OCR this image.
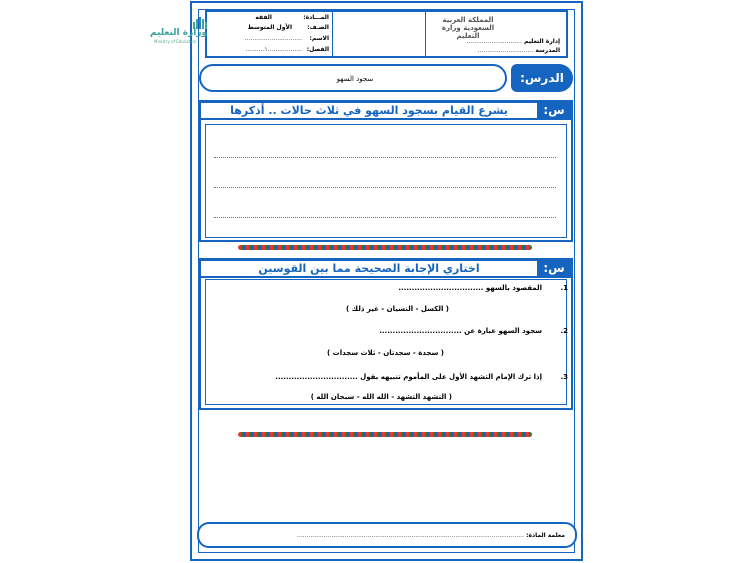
المملكة العربية السعودية وزارة التعليم
إدارة التعليم .............................
المدرسة .............................
المـــادة:
الفقه
الصـف:
الأول المتوسط
الاسم:
..............................
الفصل:
..................١..........
وزارة التعليم
Ministry of Education
سجود السهو	الدرس:
س:
يشرع القيام بسجود السهو في ثلاث حالات .. أذكرها
س:
اختاري الإجابة الصحيحة مما بين القوسين
1.
المقصود بالسهو ................................
( الكسل - النسيان - غير ذلك )
2.
سجود السهو عبارة عن ...............................
( سجدة - سجدتان - ثلاث سجدات )
3.
إذا ترك الإمام التشهد الأول على المأموم تنبيهه بقول ...............................
( التشهد التشهد - الله الله - سبحان الله )
معلمة المادة: .......................................................................................................................
